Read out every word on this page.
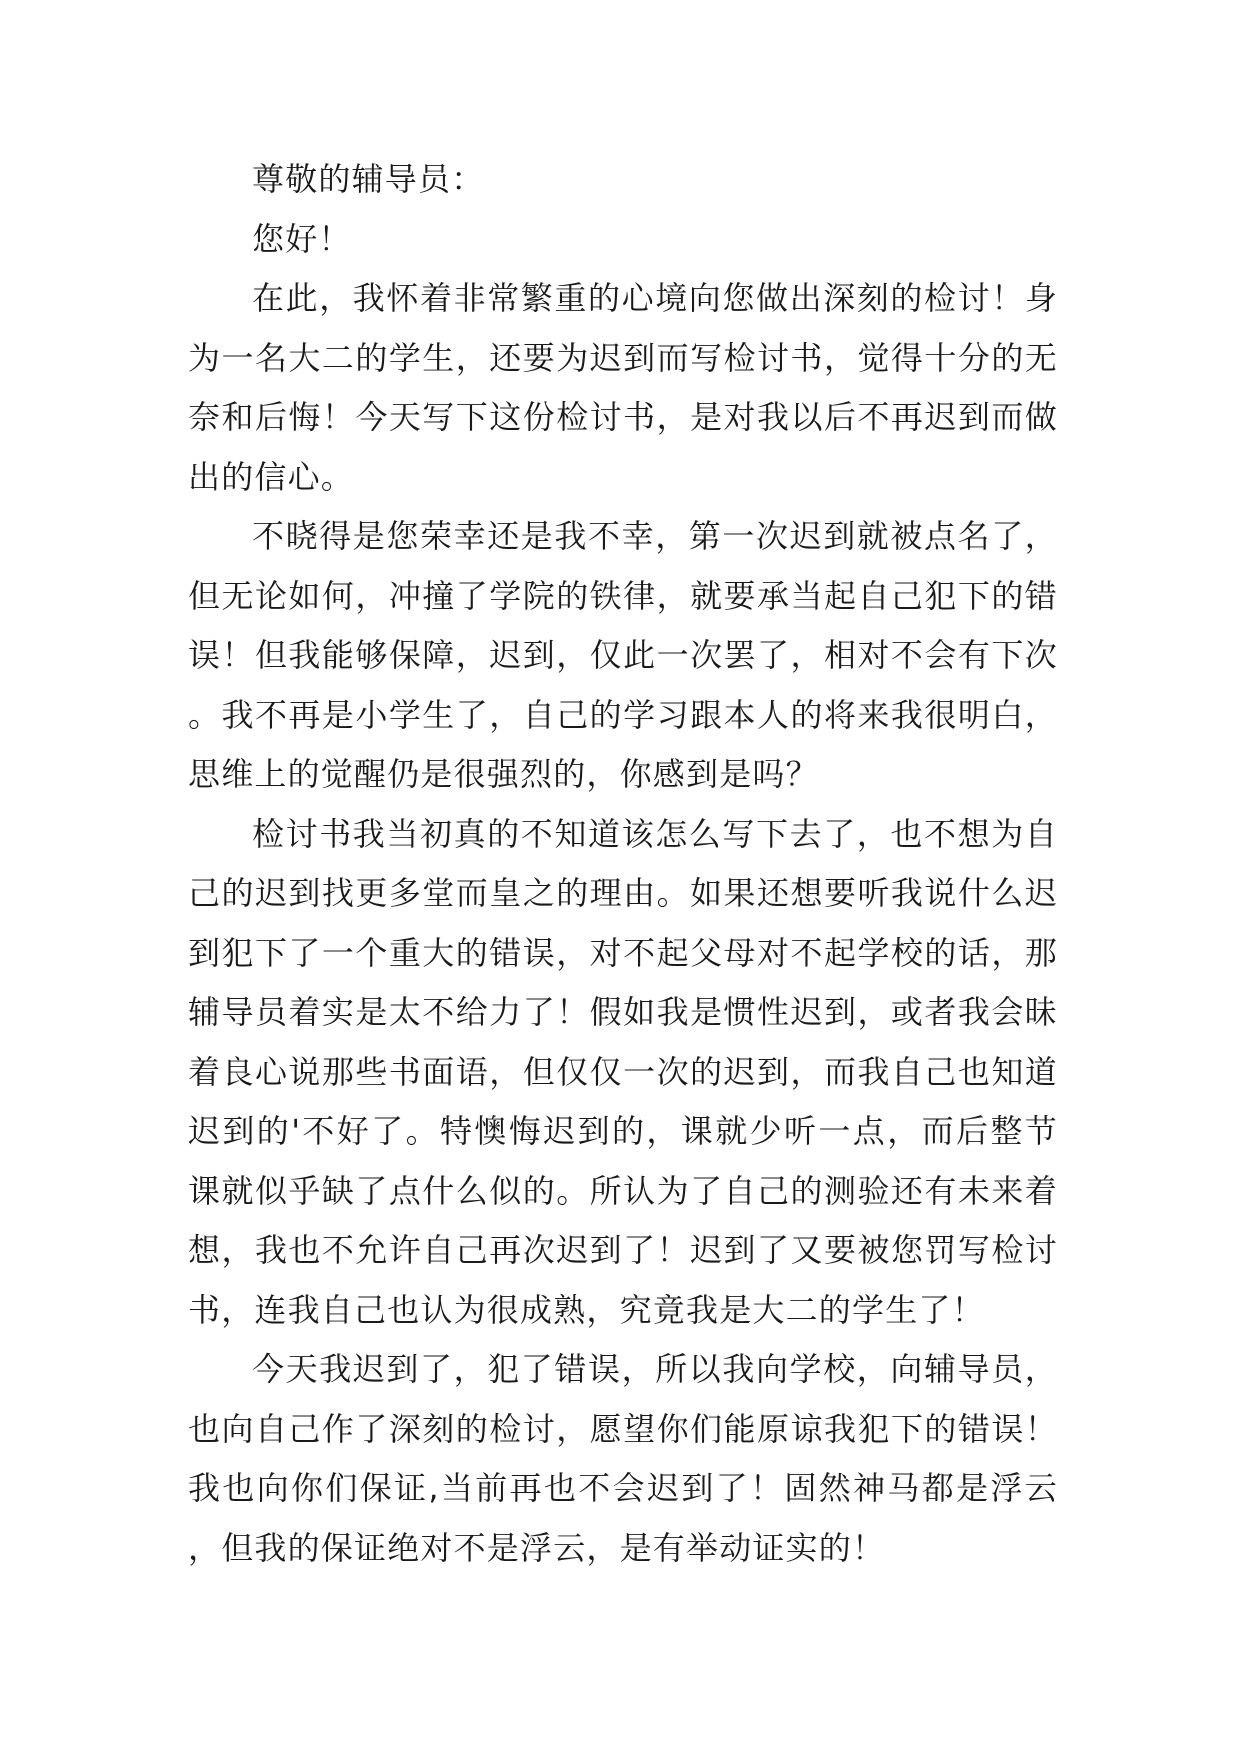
尊敬的辅导员：

您好！

在此，我怀着非常繁重的心境向您做出深刻的检讨！身为一名大二的学生，还要为迟到而写检讨书，觉得十分的无奈和后悔！今天写下这份检讨书，是对我以后不再迟到而做出的信心。

不晓得是您荣幸还是我不幸，第一次迟到就被点名了，但无论如何，冲撞了学院的铁律，就要承当起自己犯下的错误！但我能够保障，迟到，仅此一次罢了，相对不会有下次。我不再是小学生了，自己的学习跟本人的将来我很明白，思维上的觉醒仍是很强烈的，你感到是吗？

检讨书我当初真的不知道该怎么写下去了，也不想为自己的迟到找更多堂而皇之的理由。如果还想要听我说什么迟到犯下了一个重大的错误，对不起父母对不起学校的话，那辅导员着实是太不给力了！假如我是惯性迟到，或者我会昧着良心说那些书面语，但仅仅一次的迟到，而我自己也知道迟到的'不好了。特懊悔迟到的，课就少听一点，而后整节课就似乎缺了点什么似的。所认为了自己的测验还有未来着想，我也不允许自己再次迟到了！迟到了又要被您罚写检讨书，连我自己也认为很成熟，究竟我是大二的学生了！

今天我迟到了，犯了错误，所以我向学校，向辅导员，也向自己作了深刻的检讨，愿望你们能原谅我犯下的错误！我也向你们保证,当前再也不会迟到了！固然神马都是浮云，但我的保证绝对不是浮云，是有举动证实的！
